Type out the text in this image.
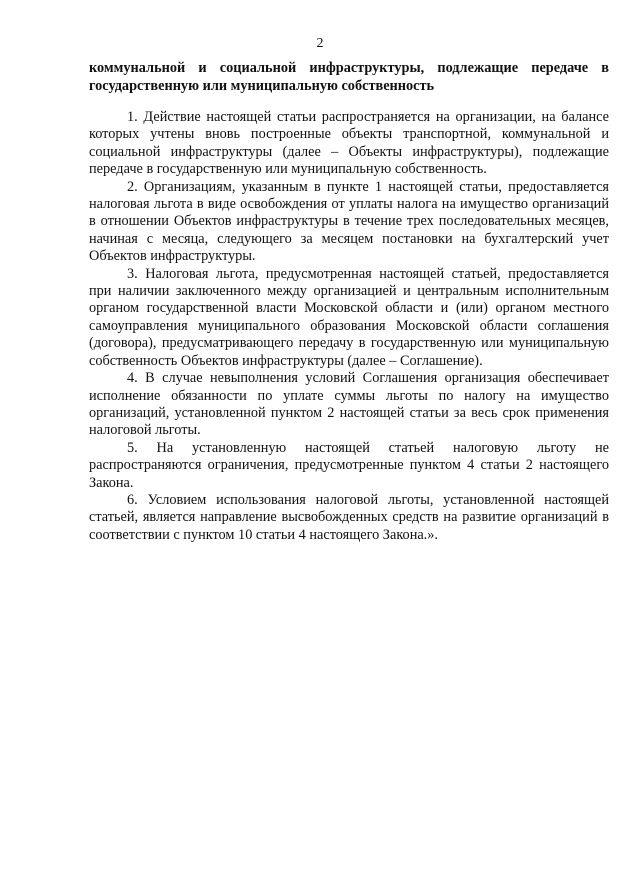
2

коммунальной и социальной инфраструктуры, подлежащие передаче в государственную или муниципальную собственность

1. Действие настоящей статьи распространяется на организации, на балансе которых учтены вновь построенные объекты транспортной, коммунальной и социальной инфраструктуры (далее – Объекты инфраструктуры), подлежащие передаче в государственную или муниципальную собственность.

2. Организациям, указанным в пункте 1 настоящей статьи, предоставляется налоговая льгота в виде освобождения от уплаты налога на имущество организаций в отношении Объектов инфраструктуры в течение трех последовательных месяцев, начиная с месяца, следующего за месяцем постановки на бухгалтерский учет Объектов инфраструктуры.

3. Налоговая льгота, предусмотренная настоящей статьей, предоставляется при наличии заключенного между организацией и центральным исполнительным органом государственной власти Московской области и (или) органом местного самоуправления муниципального образования Московской области соглашения (договора), предусматривающего передачу в государственную или муниципальную собственность Объектов инфраструктуры (далее – Соглашение).

4. В случае невыполнения условий Соглашения организация обеспечивает исполнение обязанности по уплате суммы льготы по налогу на имущество организаций, установленной пунктом 2 настоящей статьи за весь срок применения налоговой льготы.

5. На установленную настоящей статьей налоговую льготу не распространяются ограничения, предусмотренные пунктом 4 статьи 2 настоящего Закона.

6. Условием использования налоговой льготы, установленной настоящей статьей, является направление высвобожденных средств на развитие организаций в соответствии с пунктом 10 статьи 4 настоящего Закона.».
